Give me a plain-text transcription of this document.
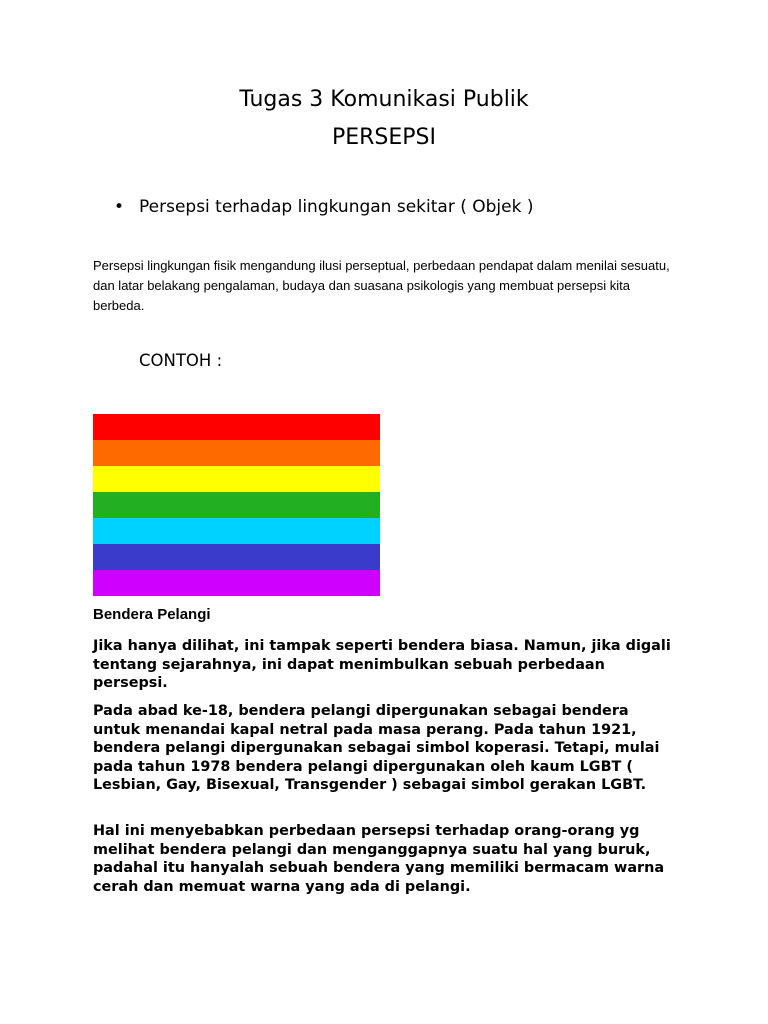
Tugas 3 Komunikasi Publik
PERSEPSI
• Persepsi terhadap lingkungan sekitar ( Objek )

Persepsi lingkungan fisik mengandung ilusi perseptual, perbedaan pendapat dalam menilai sesuatu, dan latar belakang pengalaman, budaya dan suasana psikologis yang membuat persepsi kita berbeda.

CONTOH :

Bendera Pelangi

Jika hanya dilihat, ini tampak seperti bendera biasa. Namun, jika digali tentang sejarahnya, ini dapat menimbulkan sebuah perbedaan persepsi.

Pada abad ke-18, bendera pelangi dipergunakan sebagai bendera untuk menandai kapal netral pada masa perang. Pada tahun 1921, bendera pelangi dipergunakan sebagai simbol koperasi. Tetapi, mulai pada tahun 1978 bendera pelangi dipergunakan oleh kaum LGBT ( Lesbian, Gay, Bisexual, Transgender ) sebagai simbol gerakan LGBT.

Hal ini menyebabkan perbedaan persepsi terhadap orang-orang yg melihat bendera pelangi dan menganggapnya suatu hal yang buruk, padahal itu hanyalah sebuah bendera yang memiliki bermacam warna cerah dan memuat warna yang ada di pelangi.
